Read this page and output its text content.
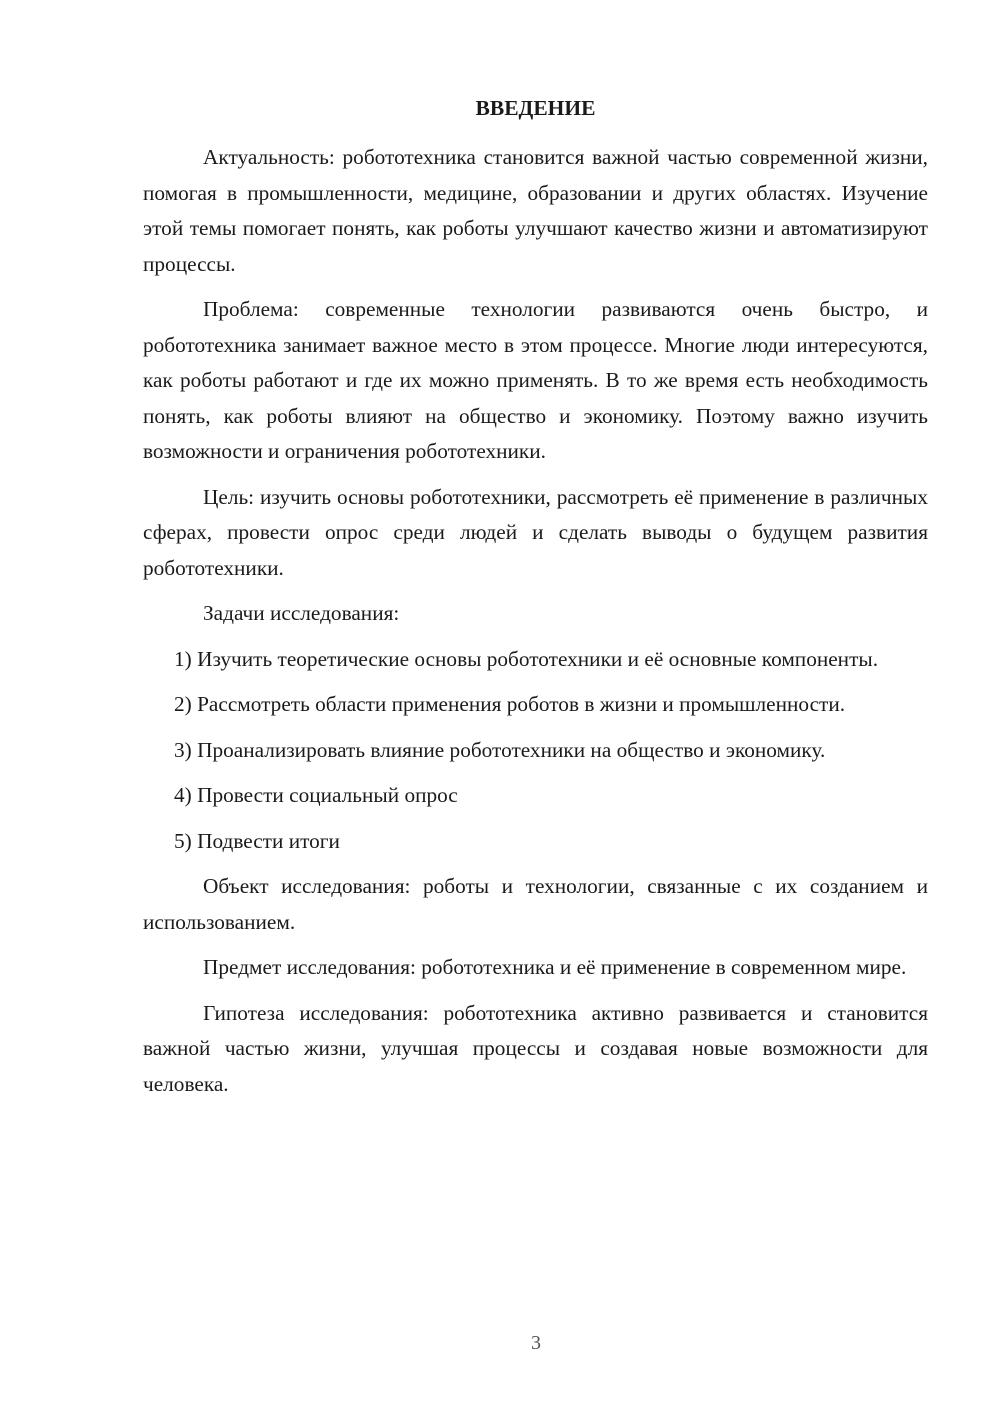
ВВЕДЕНИЕ

Актуальность: робототехника становится важной частью современной жизни, помогая в промышленности, медицине, образовании и других областях. Изучение этой темы помогает понять, как роботы улучшают качество жизни и автоматизируют процессы.

Проблема: современные технологии развиваются очень быстро, и робототехника занимает важное место в этом процессе. Многие люди интересуются, как роботы работают и где их можно применять. В то же время есть необходимость понять, как роботы влияют на общество и экономику. Поэтому важно изучить возможности и ограничения робототехники.

Цель: изучить основы робототехники, рассмотреть её применение в различных сферах, провести опрос среди людей и сделать выводы о будущем развития робототехники.

Задачи исследования:

1) Изучить теоретические основы робототехники и её основные компоненты.

2) Рассмотреть области применения роботов в жизни и промышленности.

3) Проанализировать влияние робототехники на общество и экономику.

4) Провести социальный опрос

5) Подвести итоги

Объект исследования: роботы и технологии, связанные с их созданием и использованием.

Предмет исследования: робототехника и её применение в современном мире.

Гипотеза исследования: робототехника активно развивается и становится важной частью жизни, улучшая процессы и создавая новые возможности для человека.

3
